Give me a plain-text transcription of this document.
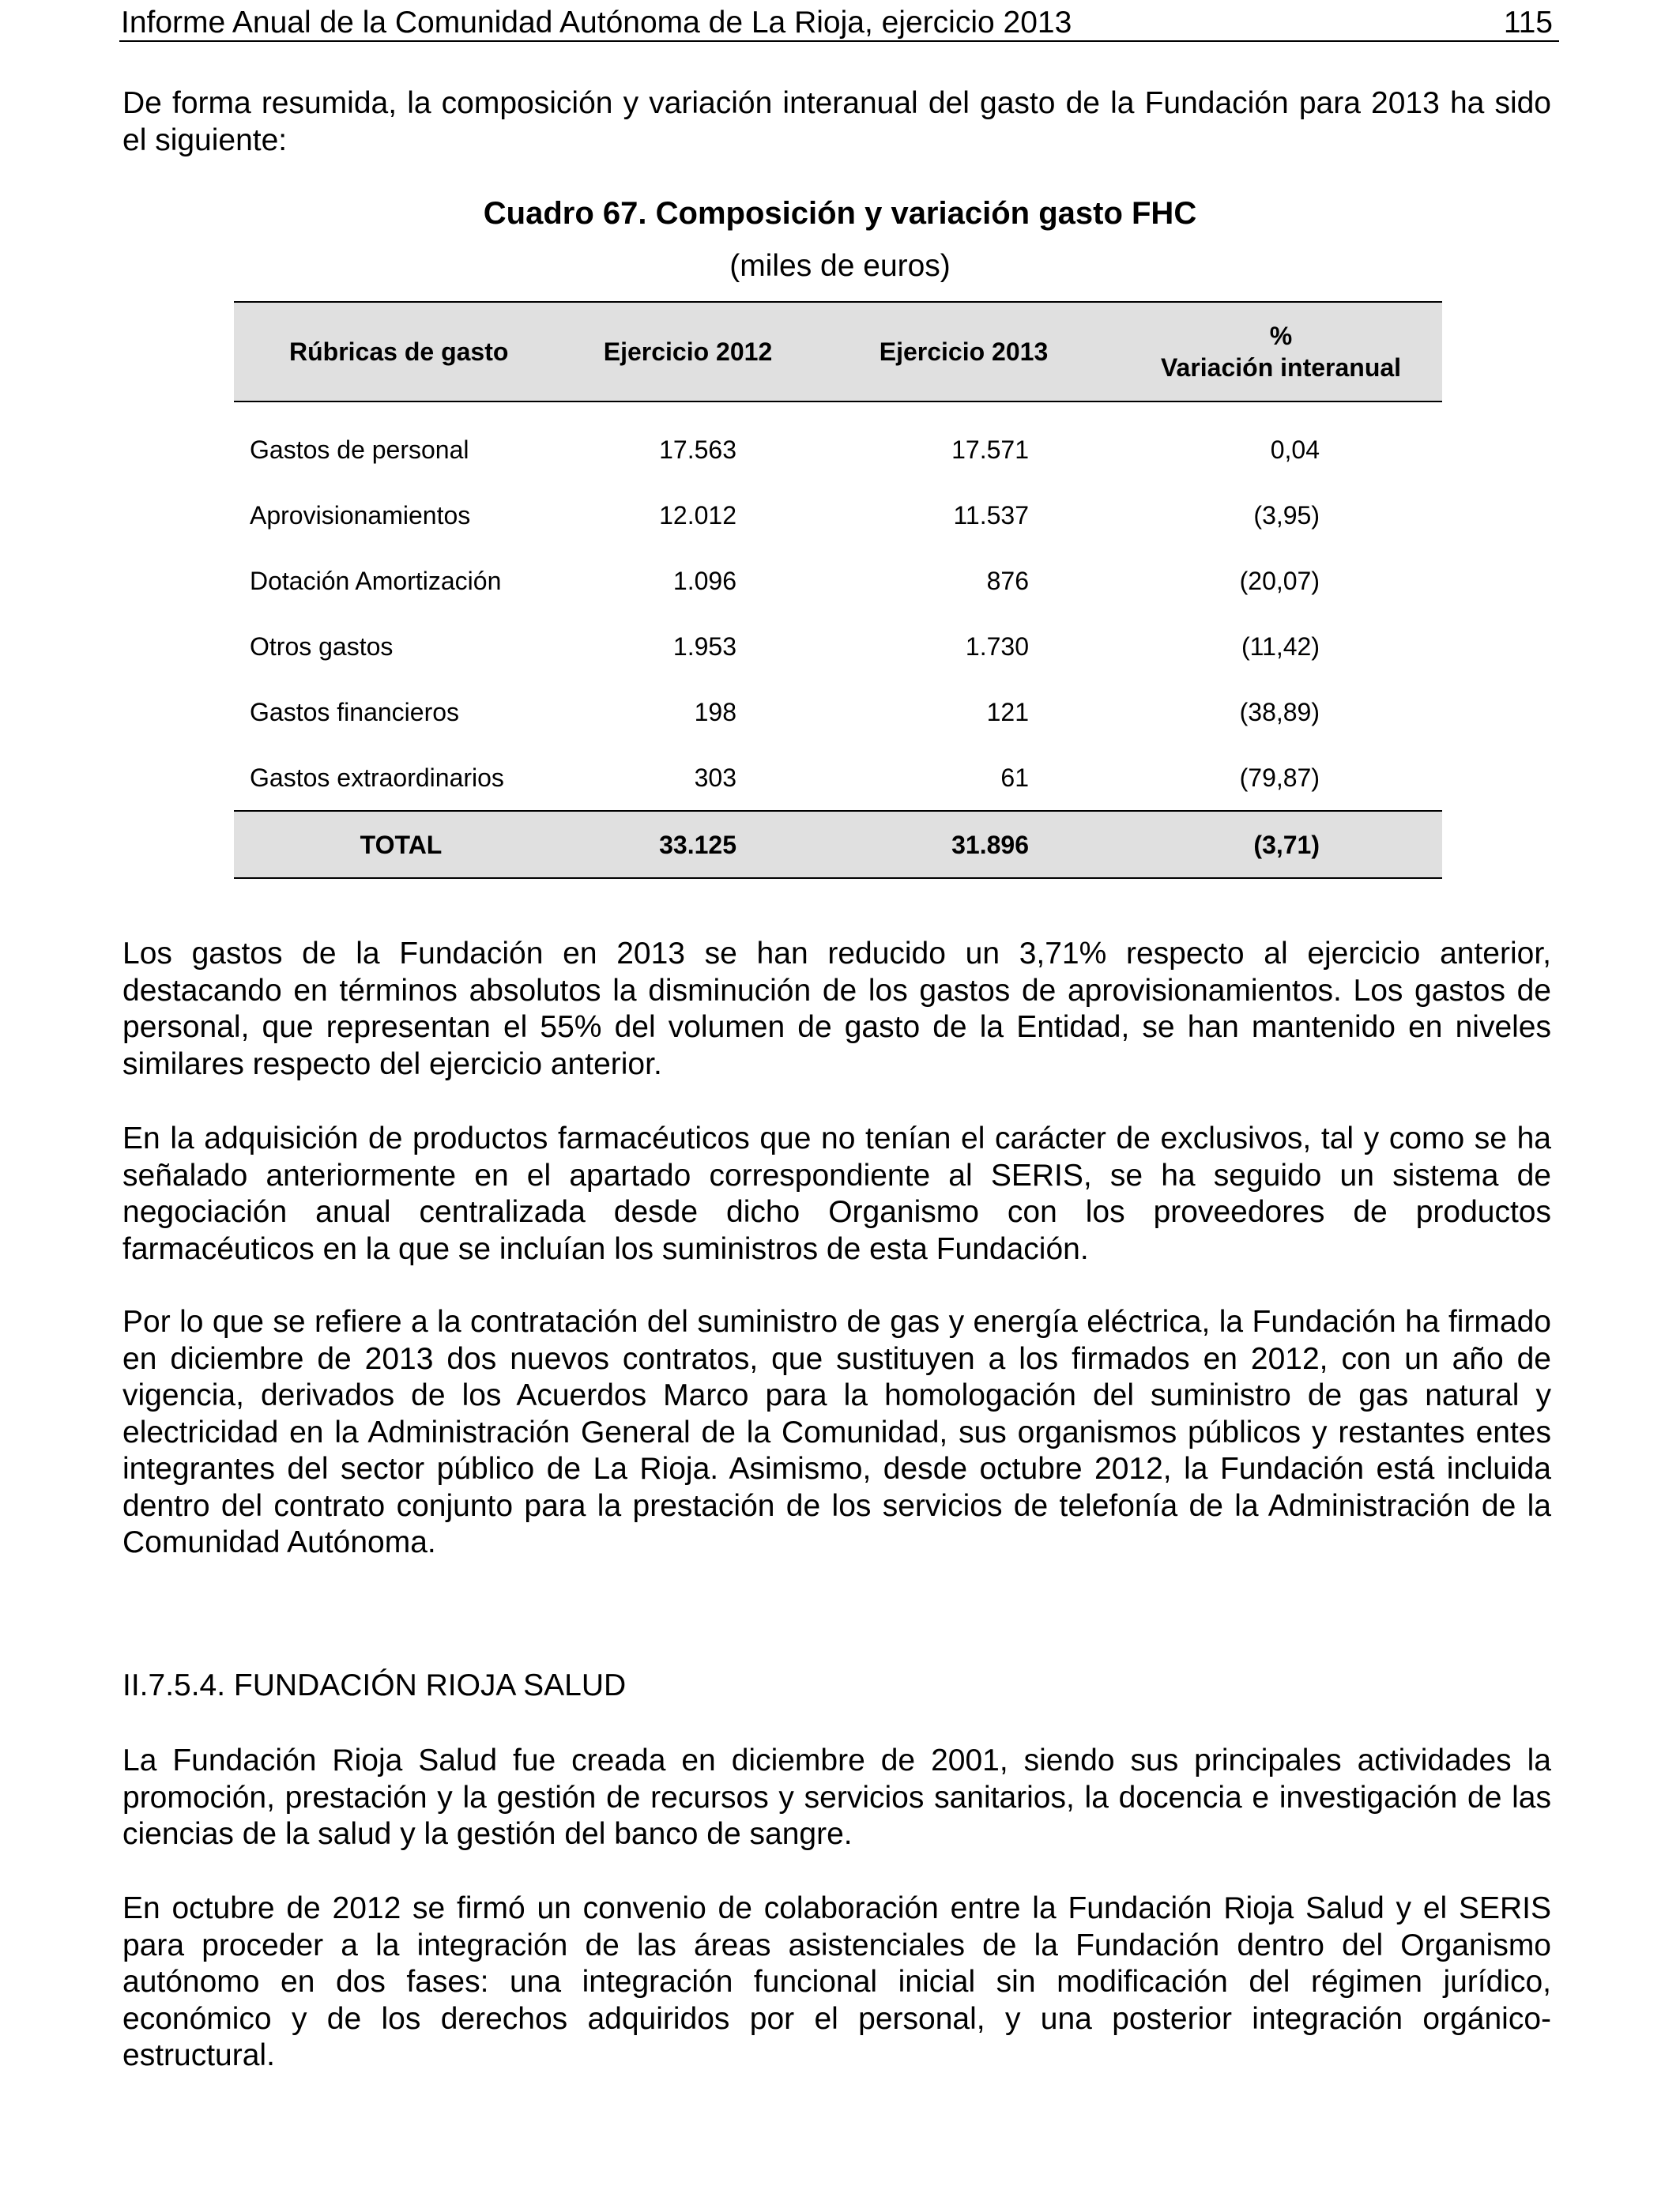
Informe Anual de la Comunidad Autónoma de La Rioja, ejercicio 2013	115

De forma resumida, la composición y variación interanual del gasto de la Fundación para 2013 ha sido el siguiente:

Cuadro 67. Composición y variación gasto FHC
(miles de euros)
Rúbricas de gasto	Ejercicio 2012	Ejercicio 2013	%
Variación interanual

Gastos de personal	17.563	17.571	0,04
Aprovisionamientos	12.012	11.537	(3,95)
Dotación Amortización	1.096	876	(20,07)
Otros gastos	1.953	1.730	(11,42)
Gastos financieros	198	121	(38,89)
Gastos extraordinarios	303	61	(79,87)
TOTAL	33.125	31.896	(3,71)

Los gastos de la Fundación en 2013 se han reducido un 3,71% respecto al ejercicio anterior, destacando en términos absolutos la disminución de los gastos de aprovisionamientos. Los gastos de personal, que representan el 55% del volumen de gasto de la Entidad, se han mantenido en niveles similares respecto del ejercicio anterior.

En la adquisición de productos farmacéuticos que no tenían el carácter de exclusivos, tal y como se ha señalado anteriormente en el apartado correspondiente al SERIS, se ha seguido un sistema de negociación anual centralizada desde dicho Organismo con los proveedores de productos farmacéuticos en la que se incluían los suministros de esta Fundación.

Por lo que se refiere a la contratación del suministro de gas y energía eléctrica, la Fundación ha firmado en diciembre de 2013 dos nuevos contratos, que sustituyen a los firmados en 2012, con un año de vigencia, derivados de los Acuerdos Marco para la homologación del suministro de gas natural y electricidad en la Administración General de la Comunidad, sus organismos públicos y restantes entes integrantes del sector público de La Rioja. Asimismo, desde octubre 2012, la Fundación está incluida dentro del contrato conjunto para la prestación de los servicios de telefonía de la Administración de la Comunidad Autónoma.

II.7.5.4. FUNDACIÓN RIOJA SALUD

La Fundación Rioja Salud fue creada en diciembre de 2001, siendo sus principales actividades la promoción, prestación y la gestión de recursos y servicios sanitarios, la docencia e investigación de las ciencias de la salud y la gestión del banco de sangre.

En octubre de 2012 se firmó un convenio de colaboración entre la Fundación Rioja Salud y el SERIS para proceder a la integración de las áreas asistenciales de la Fundación dentro del Organismo autónomo en dos fases: una integración funcional inicial sin modificación del régimen jurídico, económico y de los derechos adquiridos por el personal, y una posterior integración orgánico-estructural.
